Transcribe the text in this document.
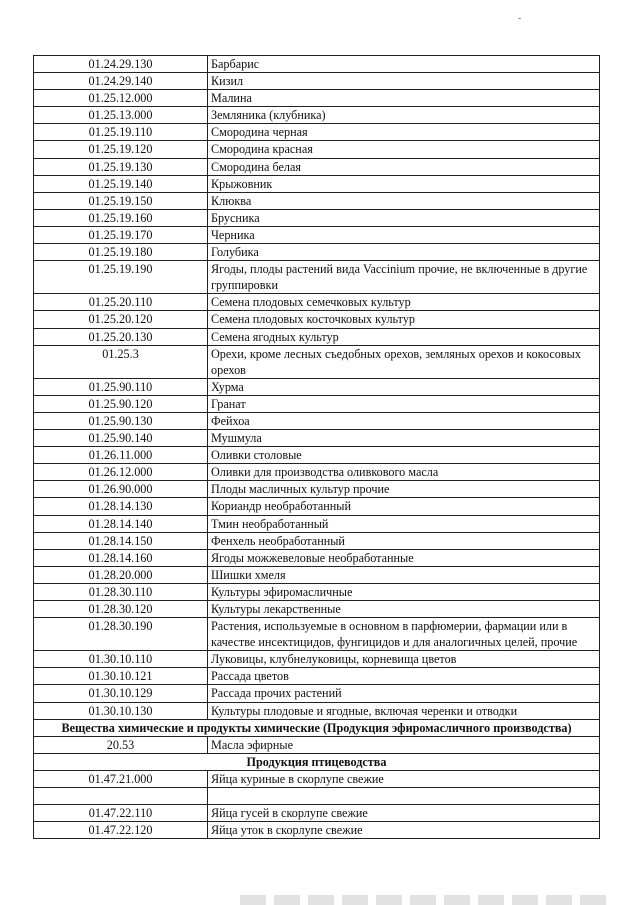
01.24.29.130	Барбарис
01.24.29.140	Кизил
01.25.12.000	Малина
01.25.13.000	Земляника (клубника)
01.25.19.110	Смородина черная
01.25.19.120	Смородина красная
01.25.19.130	Смородина белая
01.25.19.140	Крыжовник
01.25.19.150	Клюква
01.25.19.160	Брусника
01.25.19.170	Черника
01.25.19.180	Голубика
01.25.19.190	Ягоды, плоды растений вида Vaccinium прочие, не включенные в другие группировки
01.25.20.110	Семена плодовых семечковых культур
01.25.20.120	Семена плодовых косточковых культур
01.25.20.130	Семена ягодных культур
01.25.3	Орехи, кроме лесных съедобных орехов, земляных орехов и кокосовых орехов
01.25.90.110	Хурма
01.25.90.120	Гранат
01.25.90.130	Фейхоа
01.25.90.140	Мушмула
01.26.11.000	Оливки столовые
01.26.12.000	Оливки для производства оливкового масла
01.26.90.000	Плоды масличных культур прочие
01.28.14.130	Кориандр необработанный
01.28.14.140	Тмин необработанный
01.28.14.150	Фенхель необработанный
01.28.14.160	Ягоды можжевеловые необработанные
01.28.20.000	Шишки хмеля
01.28.30.110	Культуры эфиромасличные
01.28.30.120	Культуры лекарственные
01.28.30.190	Растения, используемые в основном в парфюмерии, фармации или в качестве инсектицидов, фунгицидов и для аналогичных целей, прочие
01.30.10.110	Луковицы, клубнелуковицы, корневища цветов
01.30.10.121	Рассада цветов
01.30.10.129	Рассада прочих растений
01.30.10.130	Культуры плодовые и ягодные, включая черенки и отводки
Вещества химические и продукты химические (Продукция эфиромасличного производства)	
20.53	Масла эфирные
Продукция птицеводства	
01.47.21.000	Яйца куриные в скорлупе свежие

01.47.22.110	Яйца гусей в скорлупе свежие
01.47.22.120	Яйца уток в скорлупе свежие
